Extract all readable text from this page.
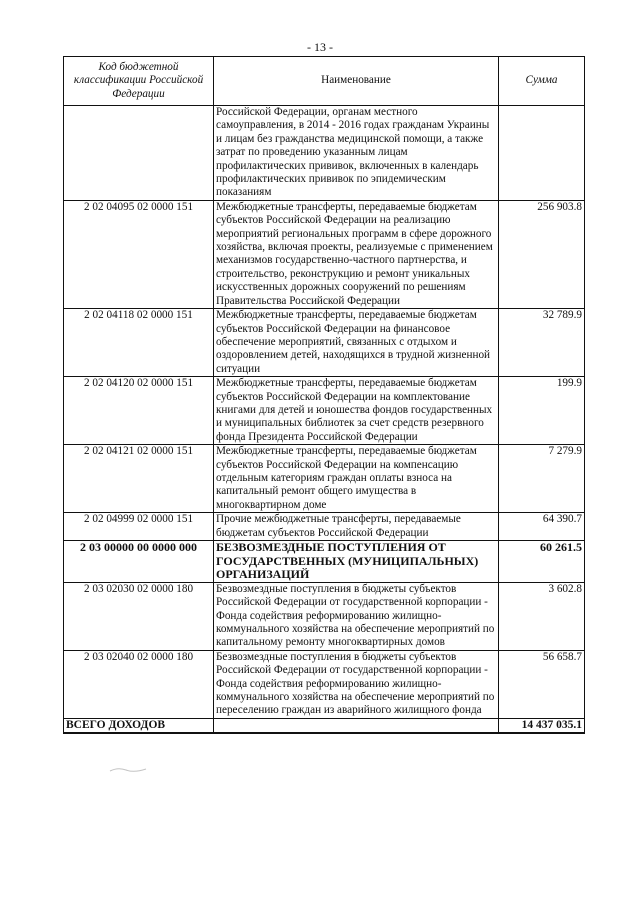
- 13 -
Код бюджетной классификации Российской Федерации	Наименование	Сумма
	Российской Федерации, органам местного самоуправления, в 2014 - 2016 годах гражданам Украины и лицам без гражданства медицинской помощи, а также затрат по проведению указанным лицам профилактических прививок, включенных в календарь профилактических прививок по эпидемическим показаниям	
2 02 04095 02 0000 151	Межбюджетные трансферты, передаваемые бюджетам субъектов Российской Федерации на реализацию мероприятий региональных программ в сфере дорожного хозяйства, включая проекты, реализуемые с применением механизмов государственно-частного партнерства, и строительство, реконструкцию и ремонт уникальных искусственных дорожных сооружений по решениям Правительства Российской Федерации	256 903.8
2 02 04118 02 0000 151	Межбюджетные трансферты, передаваемые бюджетам субъектов Российской Федерации на финансовое обеспечение мероприятий, связанных с отдыхом и оздоровлением детей, находящихся в трудной жизненной ситуации	32 789.9
2 02 04120 02 0000 151	Межбюджетные трансферты, передаваемые бюджетам субъектов Российской Федерации на комплектование книгами для детей и юношества фондов государственных и муниципальных библиотек за счет средств резервного фонда Президента Российской Федерации	199.9
2 02 04121 02 0000 151	Межбюджетные трансферты, передаваемые бюджетам субъектов Российской Федерации на компенсацию отдельным категориям граждан оплаты взноса на капитальный ремонт общего имущества в многоквартирном доме	7 279.9
2 02 04999 02 0000 151	Прочие межбюджетные трансферты, передаваемые бюджетам субъектов Российской Федерации	64 390.7
2 03 00000 00 0000 000	БЕЗВОЗМЕЗДНЫЕ ПОСТУПЛЕНИЯ ОТ ГОСУДАРСТВЕННЫХ (МУНИЦИПАЛЬНЫХ) ОРГАНИЗАЦИЙ	60 261.5
2 03 02030 02 0000 180	Безвозмездные поступления в бюджеты субъектов Российской Федерации от государственной корпорации - Фонда содействия реформированию жилищно-коммунального хозяйства на обеспечение мероприятий по капитальному ремонту многоквартирных домов	3 602.8
2 03 02040 02 0000 180	Безвозмездные поступления в бюджеты субъектов Российской Федерации от государственной корпорации - Фонда содействия реформированию жилищно-коммунального хозяйства на обеспечение мероприятий по переселению граждан из аварийного жилищного фонда	56 658.7
ВСЕГО ДОХОДОВ		14 437 035.1
